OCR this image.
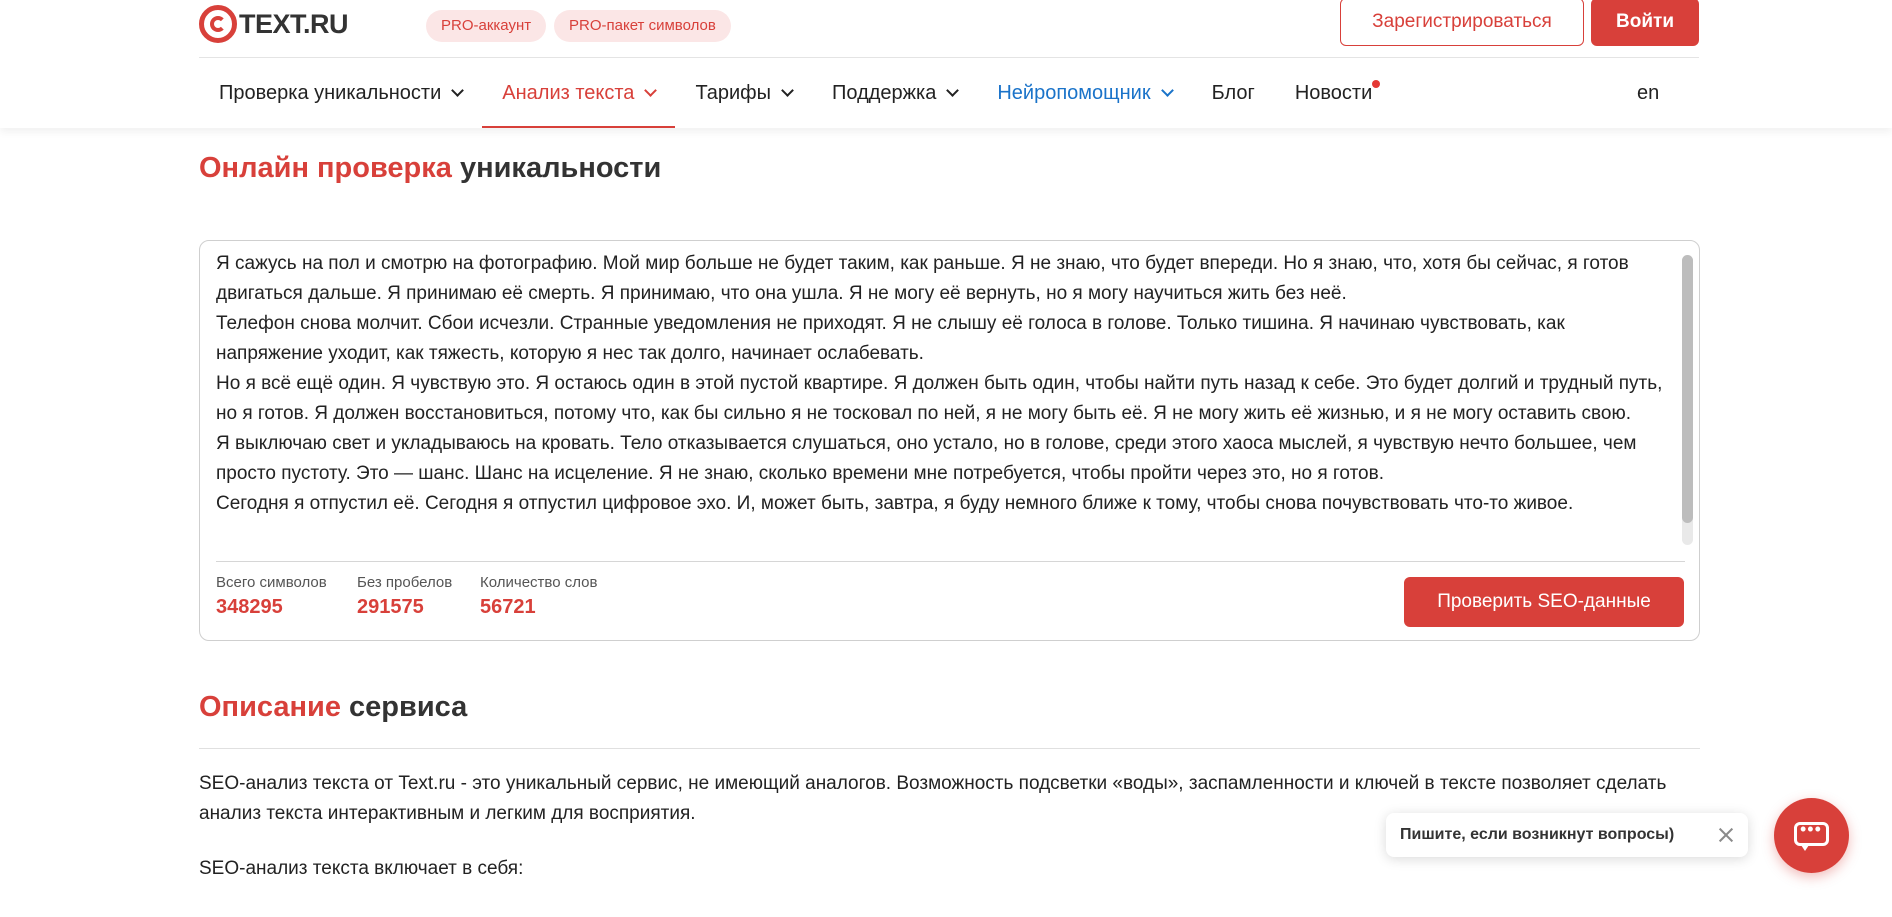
TEXT.RU	PRO-аккаунт	PRO-пакет символов	Зарегистрироваться	Войти
Проверка уникальности	Анализ текста	Тарифы	Поддержка	Нейропомощник	Блог Новости	en
Онлайн проверка уникальности
Я сажусь на пол и смотрю на фотографию. Мой мир больше не будет таким, как раньше. Я не знаю, что будет впереди. Но я знаю, что, хотя бы сейчас, я готов двигаться дальше. Я принимаю её смерть. Я принимаю, что она ушла. Я не могу её вернуть, но я могу научиться жить без неё.
Телефон снова молчит. Сбои исчезли. Странные уведомления не приходят. Я не слышу её голоса в голове. Только тишина. Я начинаю чувствовать, как напряжение уходит, как тяжесть, которую я нес так долго, начинает ослабевать.
Но я всё ещё один. Я чувствую это. Я остаюсь один в этой пустой квартире. Я должен быть один, чтобы найти путь назад к себе. Это будет долгий и трудный путь, но я готов. Я должен восстановиться, потому что, как бы сильно я не тосковал по ней, я не могу быть её. Я не могу жить её жизнью, и я не могу оставить свою.
Я выключаю свет и укладываюсь на кровать. Тело отказывается слушаться, оно устало, но в голове, среди этого хаоса мыслей, я чувствую нечто большее, чем просто пустоту. Это — шанс. Шанс на исцеление. Я не знаю, сколько времени мне потребуется, чтобы пройти через это, но я готов.
Сегодня я отпустил её. Сегодня я отпустил цифровое эхо. И, может быть, завтра, я буду немного ближе к тому, чтобы снова почувствовать что-то живое.
Всего символов
348295
Без пробелов
291575
Количество слов
56721	Проверить SEO-данные
Описание сервиса
SEO-анализ текста от Text.ru - это уникальный сервис, не имеющий аналогов. Возможность подсветки «воды», заспамленности и ключей в тексте позволяет сделать анализ текста интерактивным и легким для восприятия.
SEO-анализ текста включает в себя:
Пишите, если возникнут вопросы)
•••
